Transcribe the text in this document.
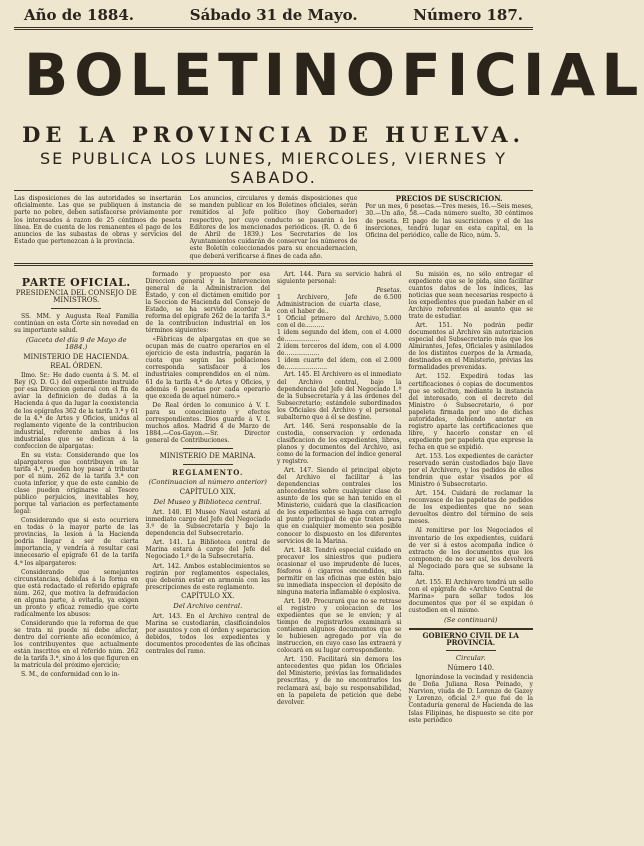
Año de 1884.	Sábado 31 de Mayo.	Número 187.
BOLETIN OFICIAL
DE LA PROVINCIA DE HUELVA.
SE PUBLICA LOS LUNES, MIERCOLES, VIERNES Y SABADO.
Las disposiciones de las autoridades se insertarán oficialmente. Las que se publiquen á instancia de parte no pobre, deben satisfacerse préviamente por los interesados á razon de 25 céntimos de peseta línea. En de cuenta de los remanentes el pago de los anuncios de las subastas de obras y servicios del Estado que pertenezcan á la provincia.
Los anuncios, circulares y demás disposiciones que se manden publicar en los Boletines oficiales, serán remitidos al Jefe político (hoy Gobernador) respectivo, por cuyo conducto se pasarán á los Editores de los mencionados periódicos. (R. O. de 6 de Abril de 1839.) Los Secretarios de los Ayuntamientos cuidarán de conservar los números de este Boletín coleccionados para su encuadernacion, que deberá verificarse á fines de cada año.
PRECIOS DE SUSCRICION.
Por un mes, 6 pesetas.—Tres meses, 16.—Seis meses, 30.—Un año, 58.—Cada número suelto, 30 céntimos de peseta. El pago de las suscriciones y el de las inserciones, tendrá lugar en esta capital, en la Oficina del periódico, calle de Rico, núm. 5.
PARTE OFICIAL.
PRESIDENCIA DEL CONSEJO DE MINISTROS.

SS. MM. y Augusta Real Familia continúan en esta Córte sin novedad en su importante salud.

(Gaceta del día 9 de Mayo de 1884.)
MINISTERIO DE HACIENDA.
REAL ÓRDEN.

Ilmo. Sr.: He dado cuenta á S. M. el Rey (Q. D. G.) del expediente instruido por esa Direccion general con el fin de aviar la definicion de dudas á la Hacienda á que da lugar la coexistencia de los epígrafes 362 de la tarifa 3.ª y 61 de la 4.ª de Artes y Oficios, unidas al reglamento vigente de la contribucion industrial, referente ambas á los industriales que se dedican á la confeccion de alpargatas:

En su vista: Considerando que los alpargateros que contribuyen en la tarifa 4.ª, pueden hoy pasar á tributar por el núm. 262 de la tarifa 3.ª con cuota inferior, y que de este cambio de clase pueden originarse al Tesoro público perjuicios, inevitables hoy, porque tal variacion es perfectamente legal:

Considerando que si esto ocurriera en todas ó la mayor parte de las provincias, la lesion á la Hacienda podría llegar á ser de cierta importancia, y vendría á resultar casi innecesario el epígrafe 61 de la tarifa 4.ª los alpargateros:

Considerando que semejantes circunstancias, debidas á la forma en que está redactado el referido epígrafe núm. 262, que motiva la defraudacion en alguna parte, á evitarla, ya exigen un pronto y eficaz remedio que corte radicalmente los abusos:

Considerando que la reforma de que se trata ni puede ni debe afectar, dentro del corriente año económico, á los contribuyentes que actualmente están inscritos en el referido núm. 262 de la tarifa 3.ª, sino á los que figuren en la matrícula del próximo ejercicio;

S. M., de conformidad con lo in-

formado y propuesto por esa Direccion general y la Intervencion general de la Administracion del Estado, y con el dictámen emitido por la Seccion de Hacienda del Consejo de Estado, se ha servido acordar la reforma del epígrafe 262 de la tarifa 3.ª de la contribucion industrial en los términos siguientes:

«Fábricas de alpargatas en que se ocupan más de cuatro operarios en el ejercicio de esta industria, pagarán la cuota que según las poblaciones corresponda satisfacer á los industriales comprendidos en el núm. 61 de la tarifa 4.ª de Artes y Oficios, y además 6 pesetas por cada operario que exceda de aquel número.»

De Real órden lo comunico á V. I. para su conocimiento y efectos correspondientes. Dios guarde á V. I. muchos años. Madrid 4 de Marzo de 1884.—Cos-Gayon.—Sr. Director general de Contribuciones.

MINISTERIO DE MARINA.
REGLAMENTO.
(Continuacion al número anterior)
CAPÍTULO XIX.
Del Museo y Biblioteca central.

Art. 140. El Museo Naval estará al inmediato cargo del Jefe del Negociado 3.º de la Subsecretaría y bajo la dependencia del Subsecretario.

Art. 141. La Biblioteca central de Marina estará á cargo del Jefe del Negociado 1.º de la Subsecretaría.

Art. 142. Ambos establecimientos se regirán por reglamentos especiales, que deberán estar en armonía con las prescripciones de este reglamento.

CAPÍTULO XX.
Del Archivo central.

Art. 143. En el Archivo central de Marina se custodiarán, clasificándolos por asuntos y con el órden y separacion debidos, todos los expedientes y documentos procedentes de las oficinas centrales del ramo.

Art. 144. Para su servicio habrá el siguiente personal:

Pesetas.
1 Archivero, Jefe de Administracion de cuarta clase, con el haber de..
6.500
1 Oficial primero del Archivo, con el de..........
5.000
1 ídem segundo del ídem, con el de..................
4.000
2 ídem terceros del ídem, con el de..................
4.000
1 ídem cuarto del ídem, con el de......................
2.000

Art. 145. El Archivero es el inmediato del Archivo central, bajo la dependencia del Jefe del Negociado 1.º de la Subsecretaría y á las órdenes del Subsecretario; estándole subordinados los Oficiales del Archivo y el personal subalterno que á él se destine.

Art. 146. Será responsable de la custodia, conservacion y ordenada clasificacion de los expedientes, libros, planos y documentos del Archivo, así como de la formacion del índice general y registro.

Art. 147. Siendo el principal objeto del Archivo el facilitar á las dependencias centrales los antecedentes sobre cualquier clase de asunto de los que se han tenido en el Ministerio, cuidará que la clasificacion de los expedientes se haga con arreglo al punto principal de que traten para que en cualquier momento sea posible conocer lo dispuesto en los diferentes servicios de la Marina.

Art. 148. Tendrá especial cuidado en precaver los siniestros que pudiera ocasionar el uso imprudente de luces, fósforos ó cigarros encendidos, sin permitir en las oficinas que estén bajo su inmediata inspeccion el depósito de ninguna materia inflamable ó explosiva.

Art. 149. Procurará que no se retrase el registro y colocacion de los expedientes que se le envíen; y al tiempo de registrarlos examinará si contienen algunos documentos que se le hubiesen agregado por vía de instruccion, en cuyo caso las extraerá y colocará en su lugar correspondiente.

Art. 150. Facilitará sin demora los antecedentes que pidan los Oficiales del Ministerio, prévias las formalidades prescritas, y de no encontrarlos los reclamará así, bajo su responsabilidad, en la papeleta de peticion que debe devolver.

Su misión es, no sólo entregar el expediente que se le pida, sino facilitar cuantos datos de los índices, las noticias que sean necesarias respecto á los expedientes que puedan haber en el Archivo referentes al asunto que se trate de estudiar.

Art. 151. No podrán pedir documentos al Archivo sin autorizacion especial del Subsecretario más que los Almirantes, Jefes, Oficiales y asimilados de los distintos cuerpos de la Armada, destinados en el Ministerio, prévias las formalidades prevenidas.

Art. 152. Expedirá todas las certificaciones ó copias de documentos que se soliciten, mediante la instancia del interesado, con el decreto del Ministro ó Subsecretario, ó por papeleta firmada por uno de dichas autoridades, debiendo anotar en registro aparte las certificaciones que libre, y hacerlo constar en el expediente por papeleta que exprese la fecha en que se expidió.

Art. 153. Los expedientes de carácter reservado serán custodiados bajo llave por el Archivero, y los pedidos de ellos tendrán que estar visados por el Ministro ó Subsecretario.

Art. 154. Cuidará de reclamar la reconvasce de las papeletas de pedidos de los expedientes que no sean devueltos dentro del término de seis meses.

Al remitirse por los Negociados el inventario de los expedientes, cuidará de ver si á estos acompaña índice ó extracto de los documentos que los componen; de no ser así, los devolverá al Negociado para que se subsane la falta.

Art. 155. El Archivero tendrá un sello con el epígrafe de «Archivo Central de Marina» para sellar todos los documentos que por él se expidan ó custodien en el mismo.

(Se continuará)
GOBIERNO CIVIL DE LA PROVINCIA.
Circular.
Número 140.

Ignorándose la vecindad y residencia de Doña Juliana Rosa Peinado, y Narvion, viuda de D. Lorenzo de Gazey y Lorenzo, oficial 2.º que fué de la Contaduría general de Hacienda de las Islas Filipinas, he dispuesto se cite por este periódico
